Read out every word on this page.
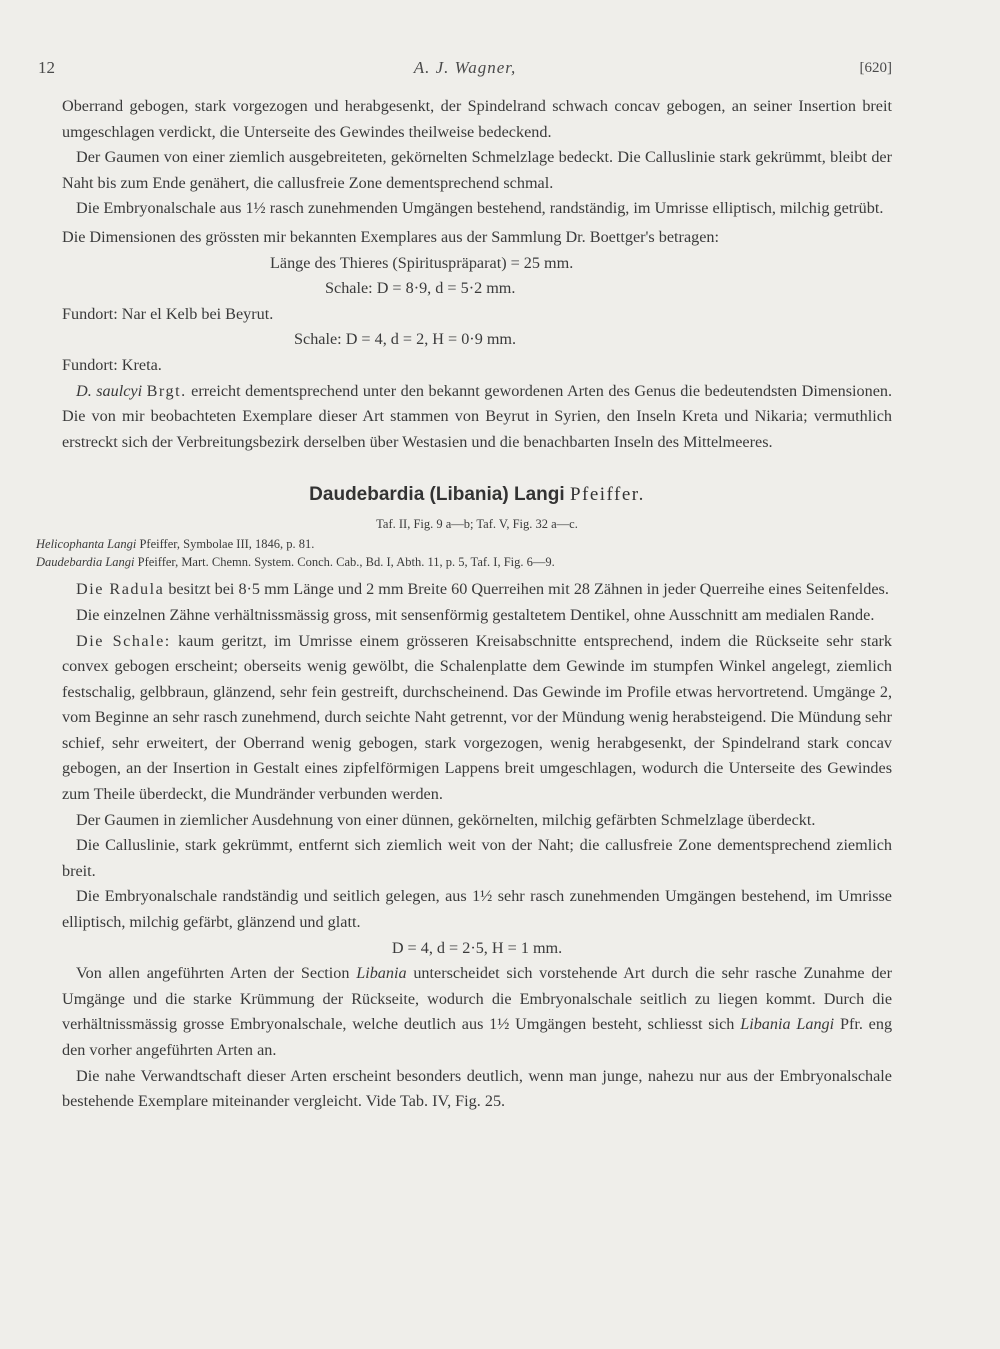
12	A. J. Wagner,	[620]

Oberrand gebogen, stark vorgezogen und herabgesenkt, der Spindelrand schwach concav gebogen, an seiner Insertion breit umgeschlagen verdickt, die Unterseite des Gewindes theilweise bedeckend.

Der Gaumen von einer ziemlich ausgebreiteten, gekörnelten Schmelzlage bedeckt. Die Calluslinie stark gekrümmt, bleibt der Naht bis zum Ende genähert, die callusfreie Zone dementsprechend schmal.

Die Embryonalschale aus 1½ rasch zunehmenden Umgängen bestehend, randständig, im Umrisse elliptisch, milchig getrübt.

Die Dimensionen des grössten mir bekannten Exemplares aus der Sammlung Dr. Boettger's betragen:

Länge des Thieres (Spirituspräparat) = 25 mm.

Schale: D = 8·9, d = 5·2 mm.

Fundort: Nar el Kelb bei Beyrut.

Schale: D = 4, d = 2, H = 0·9 mm.

Fundort: Kreta.

D. saulcyi Brgt. erreicht dementsprechend unter den bekannt gewordenen Arten des Genus die bedeutendsten Dimensionen. Die von mir beobachteten Exemplare dieser Art stammen von Beyrut in Syrien, den Inseln Kreta und Nikaria; vermuthlich erstreckt sich der Verbreitungsbezirk derselben über Westasien und die benachbarten Inseln des Mittelmeeres.

Daudebardia (Libania) Langi Pfeiffer.
Taf. II, Fig. 9 a—b; Taf. V, Fig. 32 a—c.

Helicophanta Langi Pfeiffer, Symbolae III, 1846, p. 81.

Daudebardia Langi Pfeiffer, Mart. Chemn. System. Conch. Cab., Bd. I, Abth. 11, p. 5, Taf. I, Fig. 6—9.

Die Radula besitzt bei 8·5 mm Länge und 2 mm Breite 60 Querreihen mit 28 Zähnen in jeder Querreihe eines Seitenfeldes.

Die einzelnen Zähne verhältnissmässig gross, mit sensenförmig gestaltetem Dentikel, ohne Ausschnitt am medialen Rande.

Die Schale: kaum geritzt, im Umrisse einem grösseren Kreisabschnitte entsprechend, indem die Rückseite sehr stark convex gebogen erscheint; oberseits wenig gewölbt, die Schalenplatte dem Gewinde im stumpfen Winkel angelegt, ziemlich festschalig, gelbbraun, glänzend, sehr fein gestreift, durchscheinend. Das Gewinde im Profile etwas hervortretend. Umgänge 2, vom Beginne an sehr rasch zunehmend, durch seichte Naht getrennt, vor der Mündung wenig herabsteigend. Die Mündung sehr schief, sehr erweitert, der Oberrand wenig gebogen, stark vorgezogen, wenig herabgesenkt, der Spindelrand stark concav gebogen, an der Insertion in Gestalt eines zipfelförmigen Lappens breit umgeschlagen, wodurch die Unterseite des Gewindes zum Theile überdeckt, die Mundränder verbunden werden.

Der Gaumen in ziemlicher Ausdehnung von einer dünnen, gekörnelten, milchig gefärbten Schmelzlage überdeckt.

Die Calluslinie, stark gekrümmt, entfernt sich ziemlich weit von der Naht; die callusfreie Zone dementsprechend ziemlich breit.

Die Embryonalschale randständig und seitlich gelegen, aus 1½ sehr rasch zunehmenden Umgängen bestehend, im Umrisse elliptisch, milchig gefärbt, glänzend und glatt.

D = 4, d = 2·5, H = 1 mm.

Von allen angeführten Arten der Section Libania unterscheidet sich vorstehende Art durch die sehr rasche Zunahme der Umgänge und die starke Krümmung der Rückseite, wodurch die Embryonalschale seitlich zu liegen kommt. Durch die verhältnissmässig grosse Embryonalschale, welche deutlich aus 1½ Umgängen besteht, schliesst sich Libania Langi Pfr. eng den vorher angeführten Arten an.

Die nahe Verwandtschaft dieser Arten erscheint besonders deutlich, wenn man junge, nahezu nur aus der Embryonalschale bestehende Exemplare miteinander vergleicht. Vide Tab. IV, Fig. 25.
